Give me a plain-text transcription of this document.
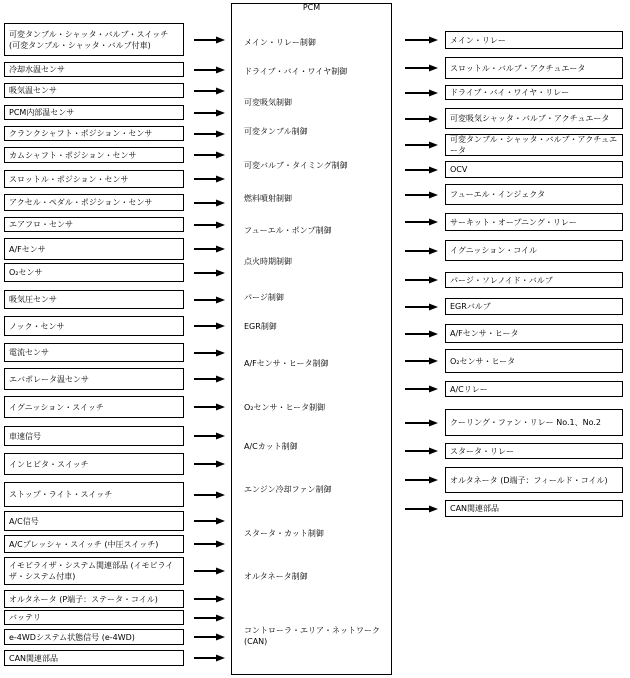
PCM
可変タンブル・シャッタ・バルブ・スイッチ (可変タンブル・シャッタ・バルブ付車)
冷却水温センサ
吸気温センサ
PCM内部温センサ
クランクシャフト・ポジション・センサ
カムシャフト・ポジション・センサ
スロットル・ポジション・センサ
アクセル・ペダル・ポジション・センサ
エアフロ・センサ
A/Fセンサ
O₂センサ
吸気圧センサ
ノック・センサ
電流センサ
エバポレータ温センサ
イグニッション・スイッチ
車速信号
インヒビタ・スイッチ
ストップ・ライト・スイッチ
A/C信号
A/Cプレッシャ・スイッチ (中圧スイッチ)
イモビライザ・システム関連部品 (イモビライザ・システム付車)
オルタネータ (P端子：ステータ・コイル)
バッテリ
e-4WDシステム状態信号 (e-4WD)
CAN関連部品
メイン・リレー制御
ドライブ・バイ・ワイヤ制御
可変吸気制御
可変タンブル制御
可変バルブ・タイミング制御
燃料噴射制御
フューエル・ポンプ制御
点火時期制御
パージ制御
EGR制御
A/Fセンサ・ヒータ制御
O₂センサ・ヒータ制御
A/Cカット制御
エンジン冷却ファン制御
スタータ・カット制御
オルタネータ制御
コントローラ・エリア・ネットワーク (CAN)
メイン・リレー
スロットル・バルブ・アクチュエータ
ドライブ・バイ・ワイヤ・リレー
可変吸気シャッタ・バルブ・アクチュエータ
可変タンブル・シャッタ・バルブ・アクチュエータ
OCV
フューエル・インジェクタ
サーキット・オープニング・リレー
イグニッション・コイル
パージ・ソレノイド・バルブ
EGRバルブ
A/Fセンサ・ヒータ
O₂センサ・ヒータ
A/Cリレー
クーリング・ファン・リレー No.1、No.2
スタータ・リレー
オルタネータ (D端子：フィールド・コイル)
CAN関連部品
